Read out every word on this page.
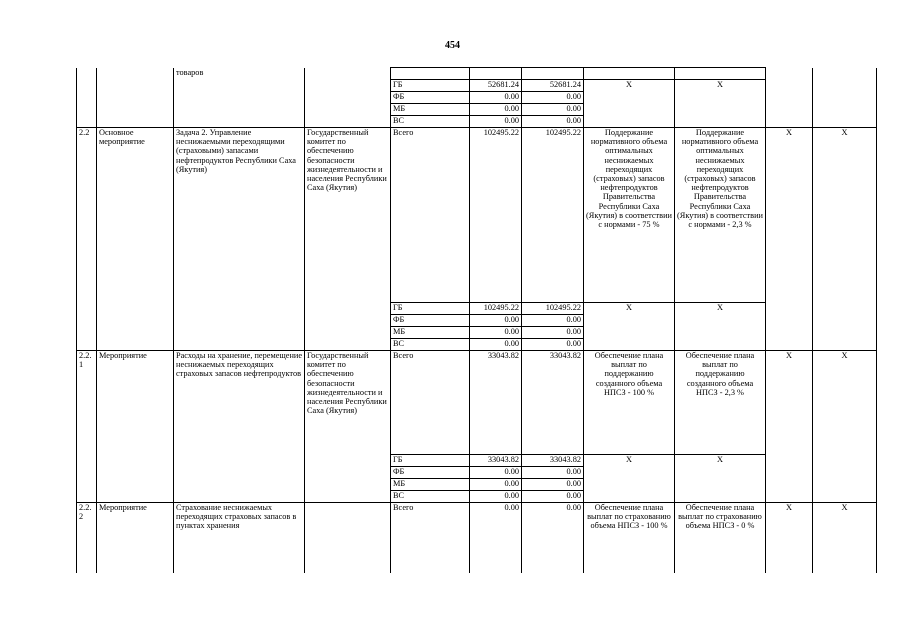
454
		товаров								
				ГБ	52681.24	52681.24	Х	Х		
				ФБ	0.00	0.00				
				МБ	0.00	0.00				
				ВС	0.00	0.00				
2.2	Основное мероприятие	Задача 2. Управление неснижаемыми переходящими (страховыми) запасами нефтепродуктов Республики Саха (Якутия)	Государственный комитет по обеспечению безопасности жизнедеятельности и населения Республики Саха (Якутия)	Всего	102495.22	102495.22	Поддержание нормативного объема оптимальных неснижаемых переходящих (страховых) запасов нефтепродуктов Правительства Республики Саха (Якутия) в соответствии с нормами - 75 %	Поддержание нормативного объема оптимальных неснижаемых переходящих (страховых) запасов нефтепродуктов Правительства Республики Саха (Якутия) в соответствии с нормами - 2,3 %	Х	Х
				ГБ	102495.22	102495.22	Х	Х		
				ФБ	0.00	0.00				
				МБ	0.00	0.00				
				ВС	0.00	0.00				
2.2.1	Мероприятие	Расходы на хранение, перемещение неснижаемых переходящих страховых запасов нефтепродуктов	Государственный комитет по обеспечению безопасности жизнедеятельности и населения Республики Саха (Якутия)	Всего	33043.82	33043.82	Обеспечение плана выплат по поддержанию созданного объема НПСЗ - 100 %	Обеспечение плана выплат по поддержанию созданного объема НПСЗ - 2,3 %	Х	Х
				ГБ	33043.82	33043.82	Х	Х		
				ФБ	0.00	0.00				
				МБ	0.00	0.00				
				ВС	0.00	0.00				
2.2.2	Мероприятие	Страхование неснижаемых переходящих страховых запасов в пунктах хранения		Всего	0.00	0.00	Обеспечение плана выплат по страхованию объема НПСЗ - 100 %	Обеспечение плана выплат по страхованию объема НПСЗ - 0 %	Х	Х
